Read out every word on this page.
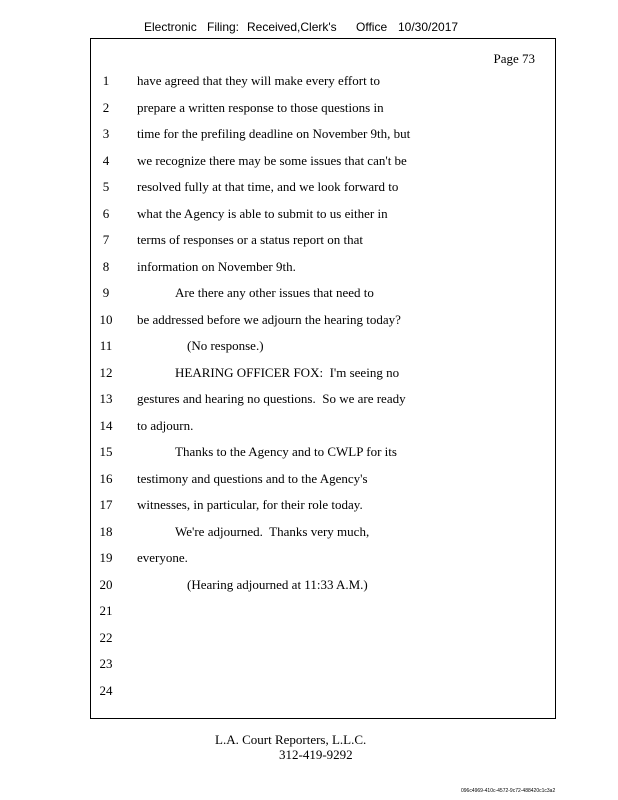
Electronic Filing: Received,Clerk's Office 10/30/2017
Page 73
1	have agreed that they will make every effort to
2	prepare a written response to those questions in
3	time for the prefiling deadline on November 9th, but
4	we recognize there may be some issues that can't be
5	resolved fully at that time, and we look forward to
6	what the Agency is able to submit to us either in
7	terms of responses or a status report on that
8	information on November 9th.
9	Are there any other issues that need to
10 be addressed before we adjourn the hearing today?
11	(No response.)
12	HEARING OFFICER FOX:  I'm seeing no
13 gestures and hearing no questions.  So we are ready
14 to adjourn.
15	Thanks to the Agency and to CWLP for its
16 testimony and questions and to the Agency's
17 witnesses, in particular, for their role today.
18	We're adjourned.  Thanks very much,
19 everyone.
20	(Hearing adjourned at 11:33 A.M.)
21
22
23
24
L.A. Court Reporters, L.L.C.
312-419-9292
096c4969-410c-4572-9c72-488420c1c3a2
